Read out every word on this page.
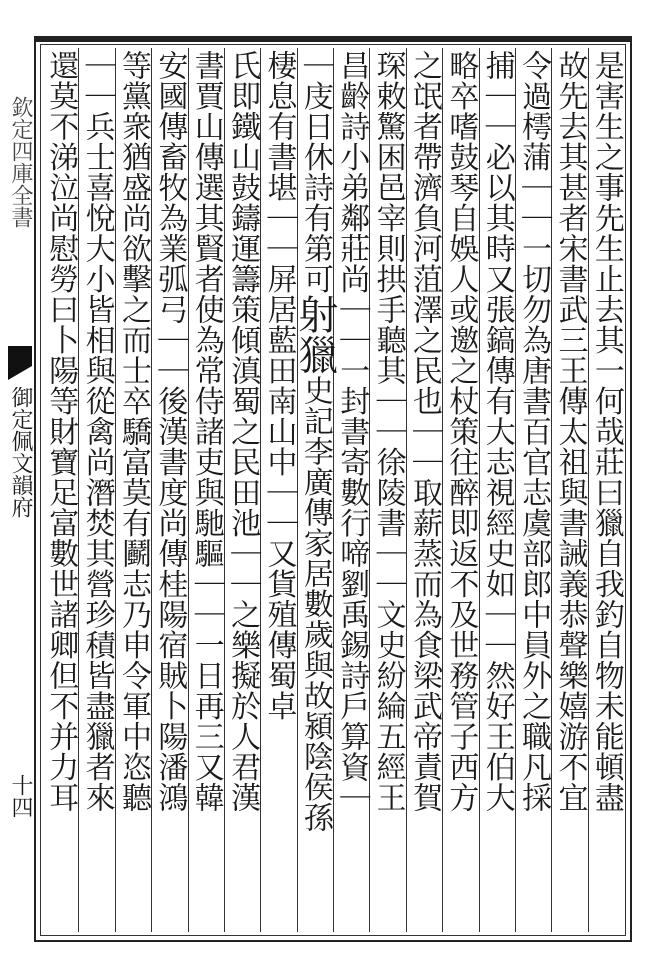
欽定四庫全書
御定佩文韻府
十四	是害生之事先生止去其一何哉莊曰獵自我釣自物未能頓盡
故先去其甚者宋書武三王傳太祖與書誡義恭聲樂嬉游不宜
令過樗蒲｜｜一切勿為唐書百官志虞部郎中員外之職凡採
捕｜｜必以其時又張鎬傳有大志視經史如｜｜然好王伯大
略卒嗜鼓琴自娛人或邀之杖策往醉即返不及世務管子西方
之氓者帶濟負河菹澤之民也｜｜取薪蒸而為食梁武帝責賀
琛敕驚困邑宰則拱手聽其｜｜徐陵書｜｜文史紛綸五經王
昌齡詩小弟鄰莊尚｜｜一封書寄數行啼劉禹錫詩戶算資｜
｜庋日休詩有第可射獵史記李廣傳家居數歲與故潁陰侯孫
棲息有書堪｜｜屏居藍田南山中｜｜又貨殖傳蜀卓
氏即鐵山鼓鑄運籌策傾滇蜀之民田池｜｜之樂擬於人君漢
書賈山傳選其賢者使為常侍諸吏與馳驅｜｜一日再三又韓
安國傳畜牧為業弧弓｜｜後漢書度尚傳桂陽宿賊卜陽潘鴻
等黨衆猶盛尚欲擊之而士卒驕富莫有鬬志乃申令軍中恣聽
｜｜兵士喜悅大小皆相與從禽尚潛焚其營珍積皆盡獵者來
還莫不涕泣尚慰勞曰卜陽等財寶足富數世諸卿但不并力耳
